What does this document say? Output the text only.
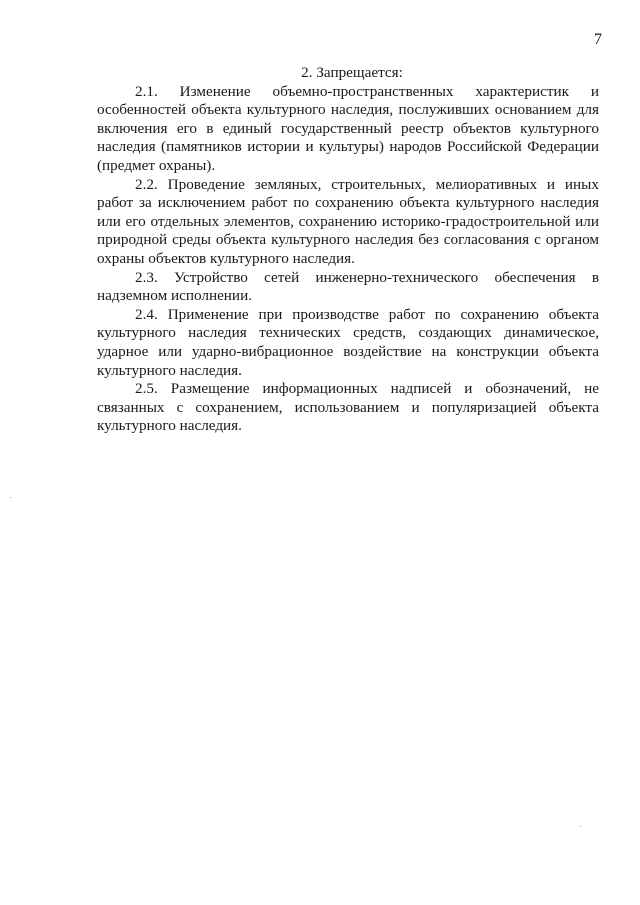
7

2. Запрещается:

2.1. Изменение объемно-пространственных характеристик и особенностей объекта культурного наследия, послуживших основанием для включения его в единый государственный реестр объектов культурного наследия (памятников истории и культуры) народов Российской Федерации (предмет охраны).

2.2. Проведение земляных, строительных, мелиоративных и иных работ за исключением работ по сохранению объекта культурного наследия или его отдельных элементов, сохранению историко-градостроительной или природной среды объекта культурного наследия без согласования с органом охраны объектов культурного наследия.

2.3. Устройство сетей инженерно-технического обеспечения в надземном исполнении.

2.4. Применение при производстве работ по сохранению объекта культурного наследия технических средств, создающих динамическое, ударное или ударно-вибрационное воздействие на конструкции объекта культурного наследия.

2.5. Размещение информационных надписей и обозначений, не связанных с сохранением, использованием и популяризацией объекта культурного наследия.
